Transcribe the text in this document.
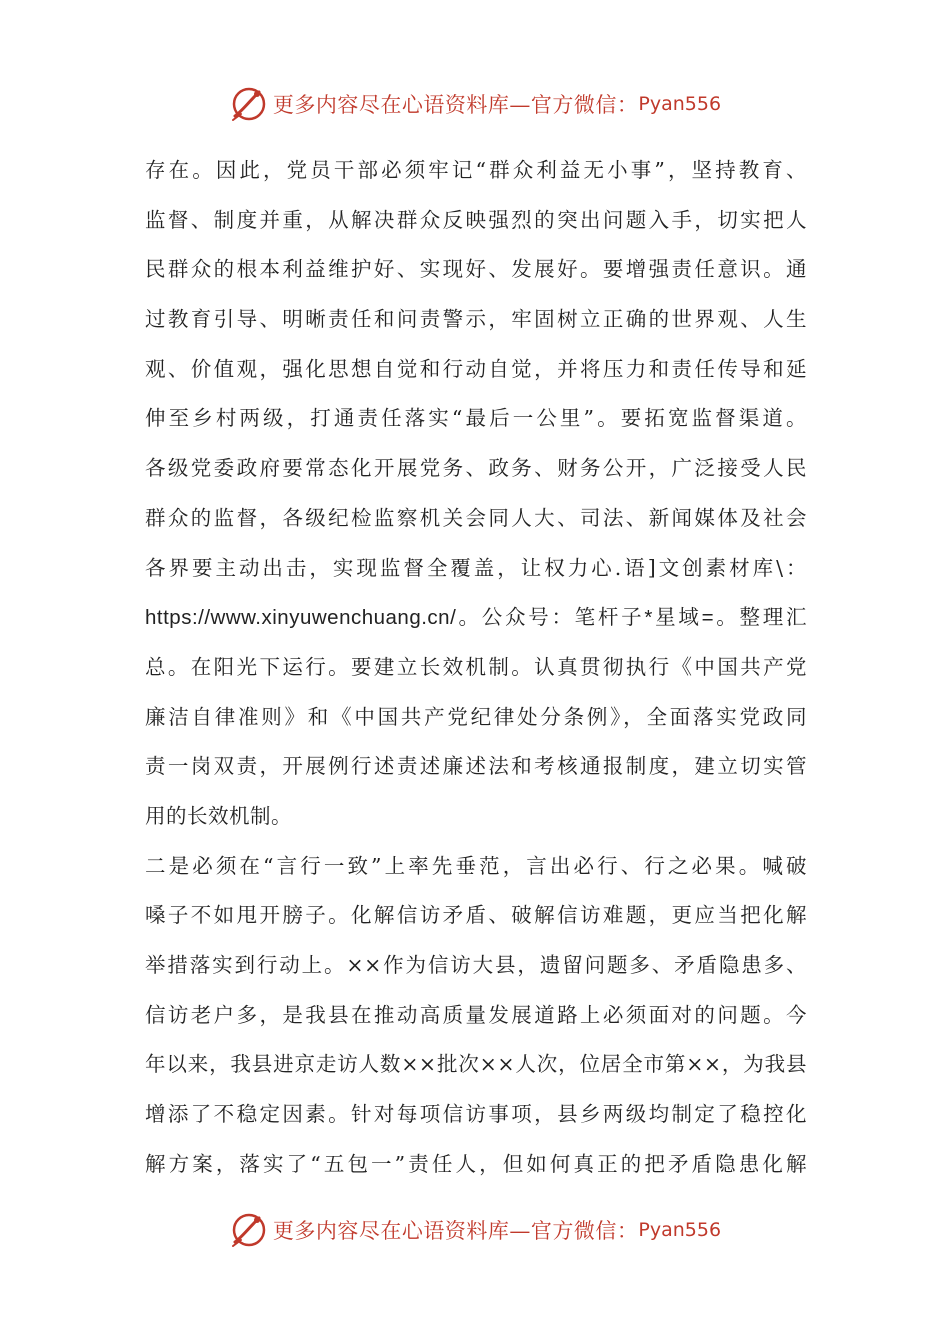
更多内容尽在心语资料库—官方微信： Pyan556
存在。因此，党员干部必须牢记“群众利益无小事”，坚持教育、
监督、制度并重，从解决群众反映强烈的突出问题入手，切实把人
民群众的根本利益维护好、实现好、发展好。要增强责任意识。通
过教育引导、明晰责任和问责警示，牢固树立正确的世界观、人生
观、价值观，强化思想自觉和行动自觉，并将压力和责任传导和延
伸至乡村两级，打通责任落实“最后一公里”。要拓宽监督渠道。
各级党委政府要常态化开展党务、政务、财务公开，广泛接受人民
群众的监督，各级纪检监察机关会同人大、司法、新闻媒体及社会
各界要主动出击，实现监督全覆盖，让权力心.语]文创素材库\：
https://www.xinyuwenchuang.cn/。公众号：笔杆子*星域=。整理汇
总。在阳光下运行。要建立长效机制。认真贯彻执行《中国共产党
廉洁自律准则》和《中国共产党纪律处分条例》，全面落实党政同
责一岗双责，开展例行述责述廉述法和考核通报制度，建立切实管
用的长效机制。
二是必须在“言行一致”上率先垂范，言出必行、行之必果。喊破
嗓子不如甩开膀子。化解信访矛盾、破解信访难题，更应当把化解
举措落实到行动上。××作为信访大县，遗留问题多、矛盾隐患多、
信访老户多，是我县在推动高质量发展道路上必须面对的问题。今
年以来，我县进京走访人数××批次××人次，位居全市第××，为我县
增添了不稳定因素。针对每项信访事项，县乡两级均制定了稳控化
解方案，落实了“五包一”责任人，但如何真正的把矛盾隐患化解
更多内容尽在心语资料库—官方微信： Pyan556
